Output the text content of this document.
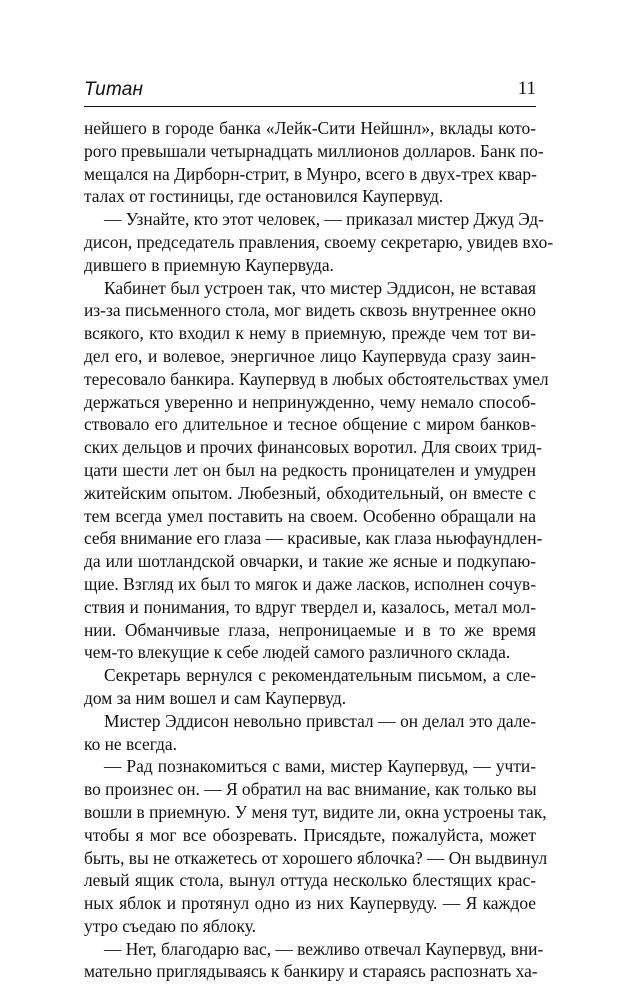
Титан	11
нейшего в городе банка «Лейк-Сити Нейшнл», вклады кото-
рого превышали четырнадцать миллионов долларов. Банк по-
мещался на Дирборн-стрит, в Мунро, всего в двух-трех квар-
талах от гостиницы, где остановился Каупервуд.
— Узнайте, кто этот человек, — приказал мистер Джуд Эд-
дисон, председатель правления, своему секретарю, увидев вхо-
дившего в приемную Каупервуда.
Кабинет был устроен так, что мистер Эддисон, не вставая
из-за письменного стола, мог видеть сквозь внутреннее окно
всякого, кто входил к нему в приемную, прежде чем тот ви-
дел его, и волевое, энергичное лицо Каупервуда сразу заин-
тересовало банкира. Каупервуд в любых обстоятельствах умел
держаться уверенно и непринужденно, чему немало способ-
ствовало его длительное и тесное общение с миром банков-
ских дельцов и прочих финансовых воротил. Для своих трид-
цати шести лет он был на редкость проницателен и умудрен
житейским опытом. Любезный, обходительный, он вместе с
тем всегда умел поставить на своем. Особенно обращали на
себя внимание его глаза — красивые, как глаза ньюфаундлен-
да или шотландской овчарки, и такие же ясные и подкупаю-
щие. Взгляд их был то мягок и даже ласков, исполнен сочув-
ствия и понимания, то вдруг твердел и, казалось, метал мол-
нии. Обманчивые глаза, непроницаемые и в то же время
чем-то влекущие к себе людей самого различного склада.
Секретарь вернулся с рекомендательным письмом, а сле-
дом за ним вошел и сам Каупервуд.
Мистер Эддисон невольно привстал — он делал это дале-
ко не всегда.
— Рад познакомиться с вами, мистер Каупервуд, — учти-
во произнес он. — Я обратил на вас внимание, как только вы
вошли в приемную. У меня тут, видите ли, окна устроены так,
чтобы я мог все обозревать. Присядьте, пожалуйста, может
быть, вы не откажетесь от хорошего яблочка? — Он выдвинул
левый ящик стола, вынул оттуда несколько блестящих крас-
ных яблок и протянул одно из них Каупервуду. — Я каждое
утро съедаю по яблоку.
— Нет, благодарю вас, — вежливо отвечал Каупервуд, вни-
мательно приглядываясь к банкиру и стараясь распознать ха-
